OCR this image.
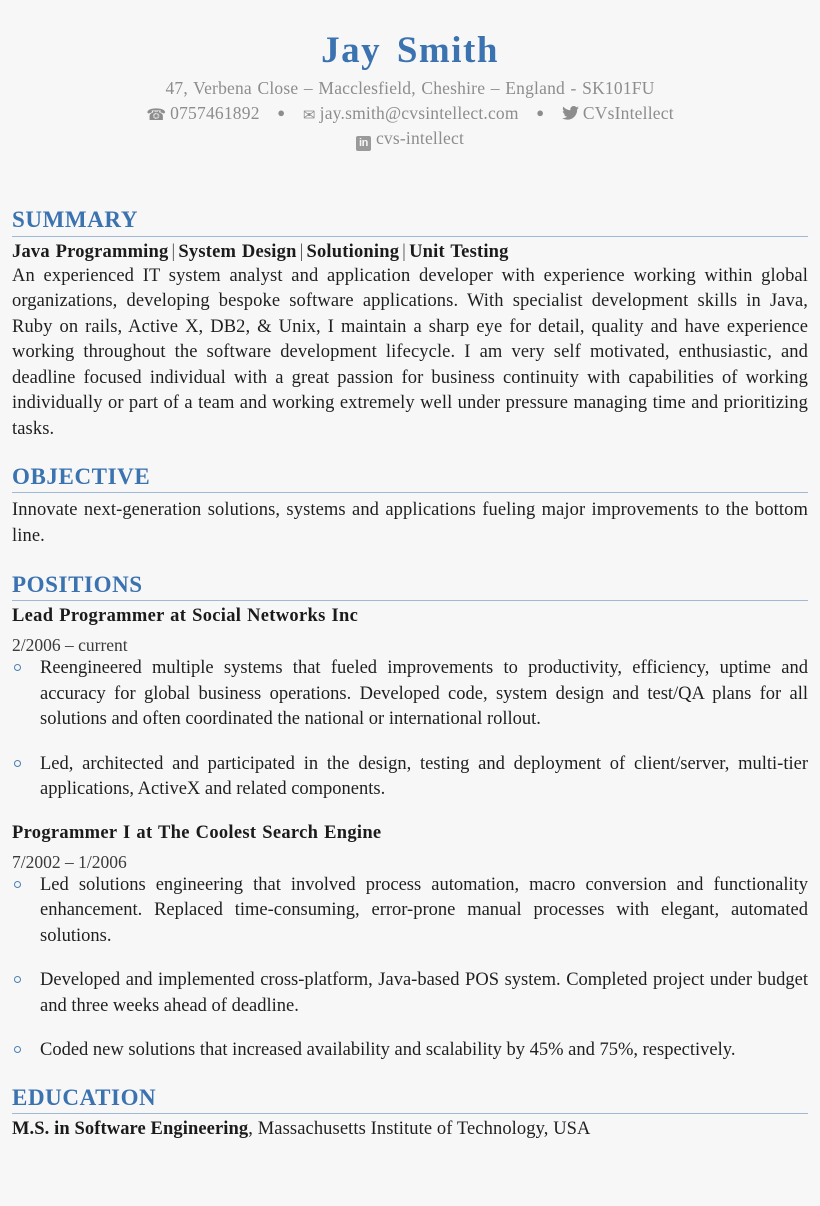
Jay Smith
47, Verbena Close – Macclesfield, Cheshire – England - SK101FU
☎ 0757461892 ● ✉ jay.smith@cvsintellect.com ● CVsIntellect
in cvs-intellect
SUMMARY
Java Programming | System Design | Solutioning | Unit Testing
An experienced IT system analyst and application developer with experience working within global organizations, developing bespoke software applications. With specialist development skills in Java, Ruby on rails, Active X, DB2, & Unix, I maintain a sharp eye for detail, quality and have experience working throughout the software development lifecycle. I am very self motivated, enthusiastic, and deadline focused individual with a great passion for business continuity with capabilities of working individually or part of a team and working extremely well under pressure managing time and prioritizing tasks.
OBJECTIVE
Innovate next-generation solutions, systems and applications fueling major improvements to the bottom line.
POSITIONS
Lead Programmer at Social Networks Inc
2/2006 – current
Reengineered multiple systems that fueled improvements to productivity, efficiency, uptime and accuracy for global business operations. Developed code, system design and test/QA plans for all solutions and often coordinated the national or international rollout.
Led, architected and participated in the design, testing and deployment of client/server, multi-tier applications, ActiveX and related components.
Programmer I at The Coolest Search Engine
7/2002 – 1/2006
Led solutions engineering that involved process automation, macro conversion and functionality enhancement. Replaced time-consuming, error-prone manual processes with elegant, automated solutions.
Developed and implemented cross-platform, Java-based POS system. Completed project under budget and three weeks ahead of deadline.
Coded new solutions that increased availability and scalability by 45% and 75%, respectively.
EDUCATION
M.S. in Software Engineering, Massachusetts Institute of Technology, USA
